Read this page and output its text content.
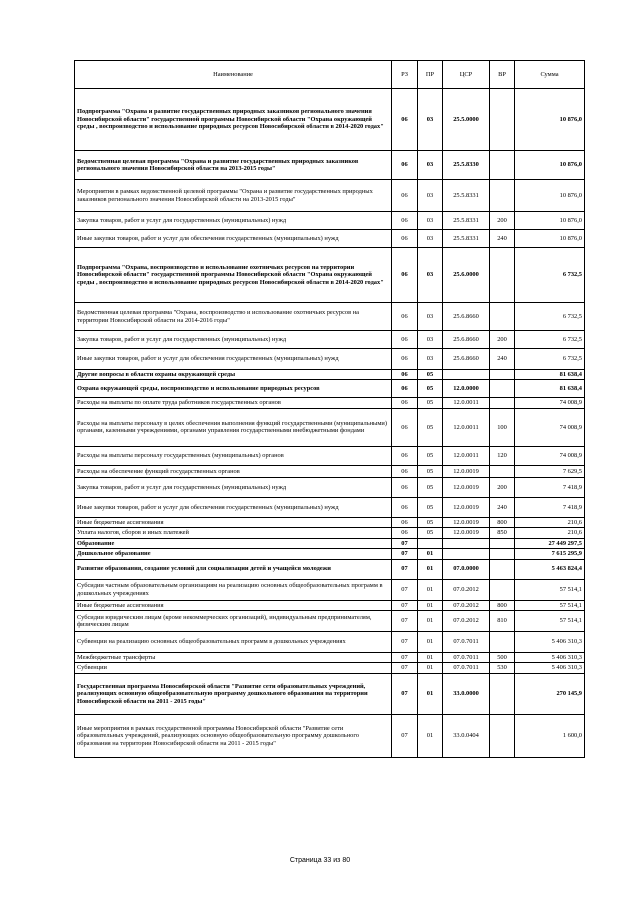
Наименование	РЗ	ПР	ЦСР	ВР	Сумма
Подпрограмма "Охрана и развитие государственных природных заказников регионального значения Новосибирской области" государственной программы Новосибирской области "Охрана окружающей среды , воспроизводство и использование природных ресурсов Новосибирской области в 2014-2020 годах"	06	03	25.5.0000		10 876,0
Ведомственная целевая программа "Охрана и развитие государственных природных заказников регионального значения Новосибирской области на 2013-2015 годы"	06	03	25.5.8330		10 876,0
Мероприятия в рамках ведомственной целевой программы "Охрана и развитие государственных природных заказников регионального значения Новосибирской области на 2013-2015 годы"	06	03	25.5.8331		10 876,0
Закупка товаров, работ и услуг для государственных (муниципальных) нужд	06	03	25.5.8331	200	10 876,0
Иные закупки товаров, работ и услуг для обеспечения государственных (муниципальных) нужд	06	03	25.5.8331	240	10 876,0
Подпрограмма "Охрана, воспроизводство и использование охотничьих ресурсов на территории Новосибирской области" государственной программы Новосибирской области "Охрана окружающей среды , воспроизводство и использование природных ресурсов Новосибирской области в 2014-2020 годах"	06	03	25.6.0000		6 732,5
Ведомственная целевая программа "Охрана, воспроизводство и использование охотничьих ресурсов на территории Новосибирской области на 2014-2016 годы"	06	03	25.6.8660		6 732,5
Закупка товаров, работ и услуг для государственных (муниципальных) нужд	06	03	25.6.8660	200	6 732,5
Иные закупки товаров, работ и услуг для обеспечения государственных (муниципальных) нужд	06	03	25.6.8660	240	6 732,5
Другие вопросы в области охраны окружающей среды	06	05			81 638,4
Охрана окружающей среды, воспроизводство и использование природных ресурсов	06	05	12.0.0000		81 638,4
Расходы на выплаты по оплате труда работников государственных органов	06	05	12.0.0011		74 008,9
Расходы на выплаты персоналу в целях обеспечения выполнения функций государственными (муниципальными) органами, казенными учреждениями, органами управления государственными внебюджетными фондами	06	05	12.0.0011	100	74 008,9
Расходы на выплаты персоналу государственных (муниципальных) органов	06	05	12.0.0011	120	74 008,9
Расходы на обеспечение функций государственных органов	06	05	12.0.0019		7 629,5
Закупка товаров, работ и услуг для государственных (муниципальных) нужд	06	05	12.0.0019	200	7 418,9
Иные закупки товаров, работ и услуг для обеспечения государственных (муниципальных) нужд	06	05	12.0.0019	240	7 418,9
Иные бюджетные ассигнования	06	05	12.0.0019	800	210,6
Уплата налогов, сборов и иных платежей	06	05	12.0.0019	850	210,6
Образование	07				27 449 297,5
Дошкольное образование	07	01			7 615 295,9
Развитие образования, создание условий для социализации детей и учащейся молодежи	07	01	07.0.0000		5 463 824,4
Субсидии частным образовательным организациям на реализацию основных общеобразовательных программ в дошкольных учреждениях	07	01	07.0.2012		57 514,1
Иные бюджетные ассигнования	07	01	07.0.2012	800	57 514,1
Субсидии юридическим лицам (кроме некоммерческих организаций), индивидуальным предпринимателям, физическим лицам	07	01	07.0.2012	810	57 514,1
Субвенции на реализацию основных общеобразовательных программ в дошкольных учреждениях	07	01	07.0.7011		5 406 310,3
Межбюджетные трансферты	07	01	07.0.7011	500	5 406 310,3
Субвенции	07	01	07.0.7011	530	5 406 310,3
Государственная программа Новосибирской области "Развитие сети образовательных учреждений, реализующих основную общеобразовательную программу дошкольного образования на территории Новосибирской области на 2011 - 2015 годы"	07	01	33.0.0000		270 145,9
Иные мероприятия в рамках государственной программы Новосибирской области "Развитие сети образовательных учреждений, реализующих основную общеобразовательную программу дошкольного образования на территории Новосибирской области на 2011 - 2015 годы"	07	01	33.0.0404		1 600,0
Страница 33 из 80
